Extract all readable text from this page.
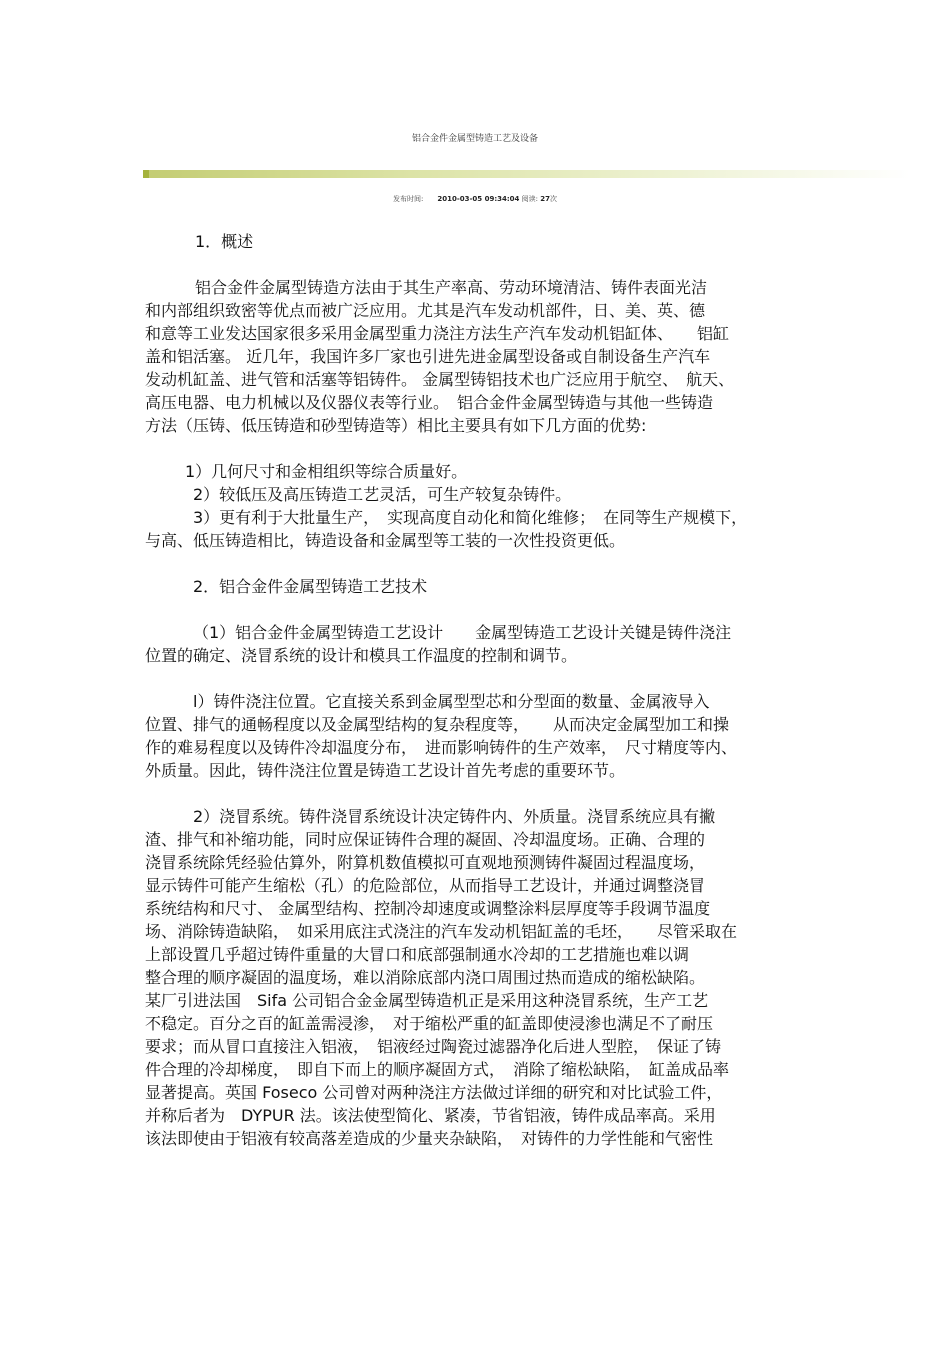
铝合金件金属型铸造工艺及设备
发布时间: 2010-03-05 09:34:04 阅读: 27次

1．概述

铝合金件金属型铸造方法由于其生产率高、劳动环境清洁、铸件表面光洁

和内部组织致密等优点而被广泛应用。尤其是汽车发动机部件，日、美、英、德

和意等工业发达国家很多采用金属型重力浇注方法生产汽车发动机铝缸体、　　铝缸

盖和铝活塞。 近几年，我国许多厂家也引进先进金属型设备或自制设备生产汽车

发动机缸盖、进气管和活塞等铝铸件。 金属型铸铝技术也广泛应用于航空、　航天、

高压电器、电力机械以及仪器仪表等行业。　铝合金件金属型铸造与其他一些铸造

方法（压铸、低压铸造和砂型铸造等）相比主要具有如下几方面的优势:

1）几何尺寸和金相组织等综合质量好。

2）较低压及高压铸造工艺灵活，可生产较复杂铸件。

3）更有利于大批量生产，　实现高度自动化和简化维修；　在同等生产规模下，

与高、低压铸造相比，铸造设备和金属型等工装的一次性投资更低。

2．铝合金件金属型铸造工艺技术

（1）铝合金件金属型铸造工艺设计　　金属型铸造工艺设计关键是铸件浇注

位置的确定、浇冒系统的设计和模具工作温度的控制和调节。

l）铸件浇注位置。它直接关系到金属型型芯和分型面的数量、金属液导入

位置、排气的通畅程度以及金属型结构的复杂程度等，　　从而决定金属型加工和操

作的难易程度以及铸件冷却温度分布，　进而影响铸件的生产效率，　尺寸精度等内、

外质量。因此，铸件浇注位置是铸造工艺设计首先考虑的重要环节。

2）浇冒系统。铸件浇冒系统设计决定铸件内、外质量。浇冒系统应具有撇

渣、排气和补缩功能，同时应保证铸件合理的凝固、冷却温度场。正确、合理的

浇冒系统除凭经验估算外，附算机数值模拟可直观地预测铸件凝固过程温度场，

显示铸件可能产生缩松（孔）的危险部位，从而指导工艺设计，并通过调整浇冒

系统结构和尺寸、 金属型结构、控制冷却速度或调整涂料层厚度等手段调节温度

场、消除铸造缺陷，　如采用底注式浇注的汽车发动机铝缸盖的毛坯，　　尽管采取在

上部设置几乎超过铸件重量的大冒口和底部强制通水冷却的工艺措施也难以调

整合理的顺序凝固的温度场，难以消除底部内浇口周围过热而造成的缩松缺陷。

某厂引进法国　Sifa 公司铝合金金属型铸造机正是采用这种浇冒系统，生产工艺

不稳定。百分之百的缸盖需浸渗，　对于缩松严重的缸盖即使浸渗也满足不了耐压

要求；而从冒口直接注入铝液，　铝液经过陶瓷过滤器净化后进人型腔，　保证了铸

件合理的冷却梯度，　即自下而上的顺序凝固方式，　消除了缩松缺陷，　缸盖成品率

显著提高。英国 Foseco 公司曾对两种浇注方法做过详细的研究和对比试验工件，

并称后者为　DYPUR 法。该法使型简化、紧凑，节省铝液，铸件成品率高。采用

该法即使由于铝液有较高落差造成的少量夹杂缺陷，　对铸件的力学性能和气密性
